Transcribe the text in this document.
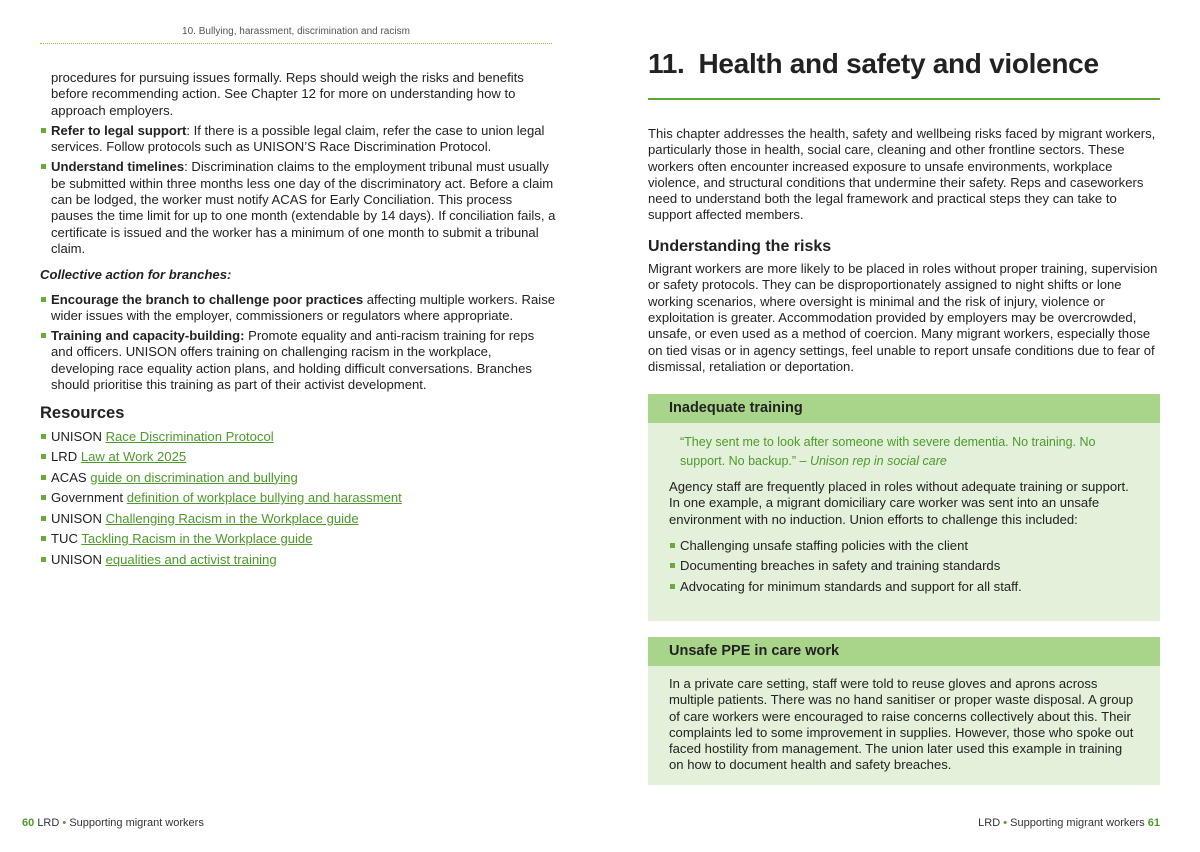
10. Bullying, harassment, discrimination and racism

procedures for pursuing issues formally. Reps should weigh the risks and benefits before recommending action. See Chapter 12 for more on understanding how to approach employers.

Refer to legal support: If there is a possible legal claim, refer the case to union legal services. Follow protocols such as UNISON’S Race Discrimination Protocol.
Understand timelines: Discrimination claims to the employment tribunal must usually be submitted within three months less one day of the discriminatory act. Before a claim can be lodged, the worker must notify ACAS for Early Conciliation. This process pauses the time limit for up to one month (extendable by 14 days). If conciliation fails, a certificate is issued and the worker has a minimum of one month to submit a tribunal claim.

Collective action for branches:

Encourage the branch to challenge poor practices affecting multiple workers. Raise wider issues with the employer, commissioners or regulators where appropriate.
Training and capacity-building: Promote equality and anti-racism training for reps and officers. UNISON offers training on challenging racism in the workplace, developing race equality action plans, and holding difficult conversations. Branches should prioritise this training as part of their activist development.

Resources

UNISON Race Discrimination Protocol
LRD Law at Work 2025
ACAS guide on discrimination and bullying
Government definition of workplace bullying and harassment
UNISON Challenging Racism in the Workplace guide
TUC Tackling Racism in the Workplace guide
UNISON equalities and activist training
60 LRD • Supporting migrant workers
11. Health and safety and violence

This chapter addresses the health, safety and wellbeing risks faced by migrant workers, particularly those in health, social care, cleaning and other frontline sectors. These workers often encounter increased exposure to unsafe environments, workplace violence, and structural conditions that undermine their safety. Reps and caseworkers need to understand both the legal framework and practical steps they can take to support affected members.

Understanding the risks

Migrant workers are more likely to be placed in roles without proper training, supervision or safety protocols. They can be disproportionately assigned to night shifts or lone working scenarios, where oversight is minimal and the risk of injury, violence or exploitation is greater. Accommodation provided by employers may be overcrowded, unsafe, or even used as a method of coercion. Many migrant workers, especially those on tied visas or in agency settings, feel unable to report unsafe conditions due to fear of dismissal, retaliation or deportation.

Inadequate training

“They sent me to look after someone with severe dementia. No training. No support. No backup.” – Unison rep in social care

Agency staff are frequently placed in roles without adequate training or support. In one example, a migrant domiciliary care worker was sent into an unsafe environment with no induction. Union efforts to challenge this included:

Challenging unsafe staffing policies with the client
Documenting breaches in safety and training standards
Advocating for minimum standards and support for all staff.
Unsafe PPE in care work

In a private care setting, staff were told to reuse gloves and aprons across multiple patients. There was no hand sanitiser or proper waste disposal. A group of care workers were encouraged to raise concerns collectively about this. Their complaints led to some improvement in supplies. However, those who spoke out faced hostility from management. The union later used this example in training on how to document health and safety breaches.

LRD • Supporting migrant workers 61
